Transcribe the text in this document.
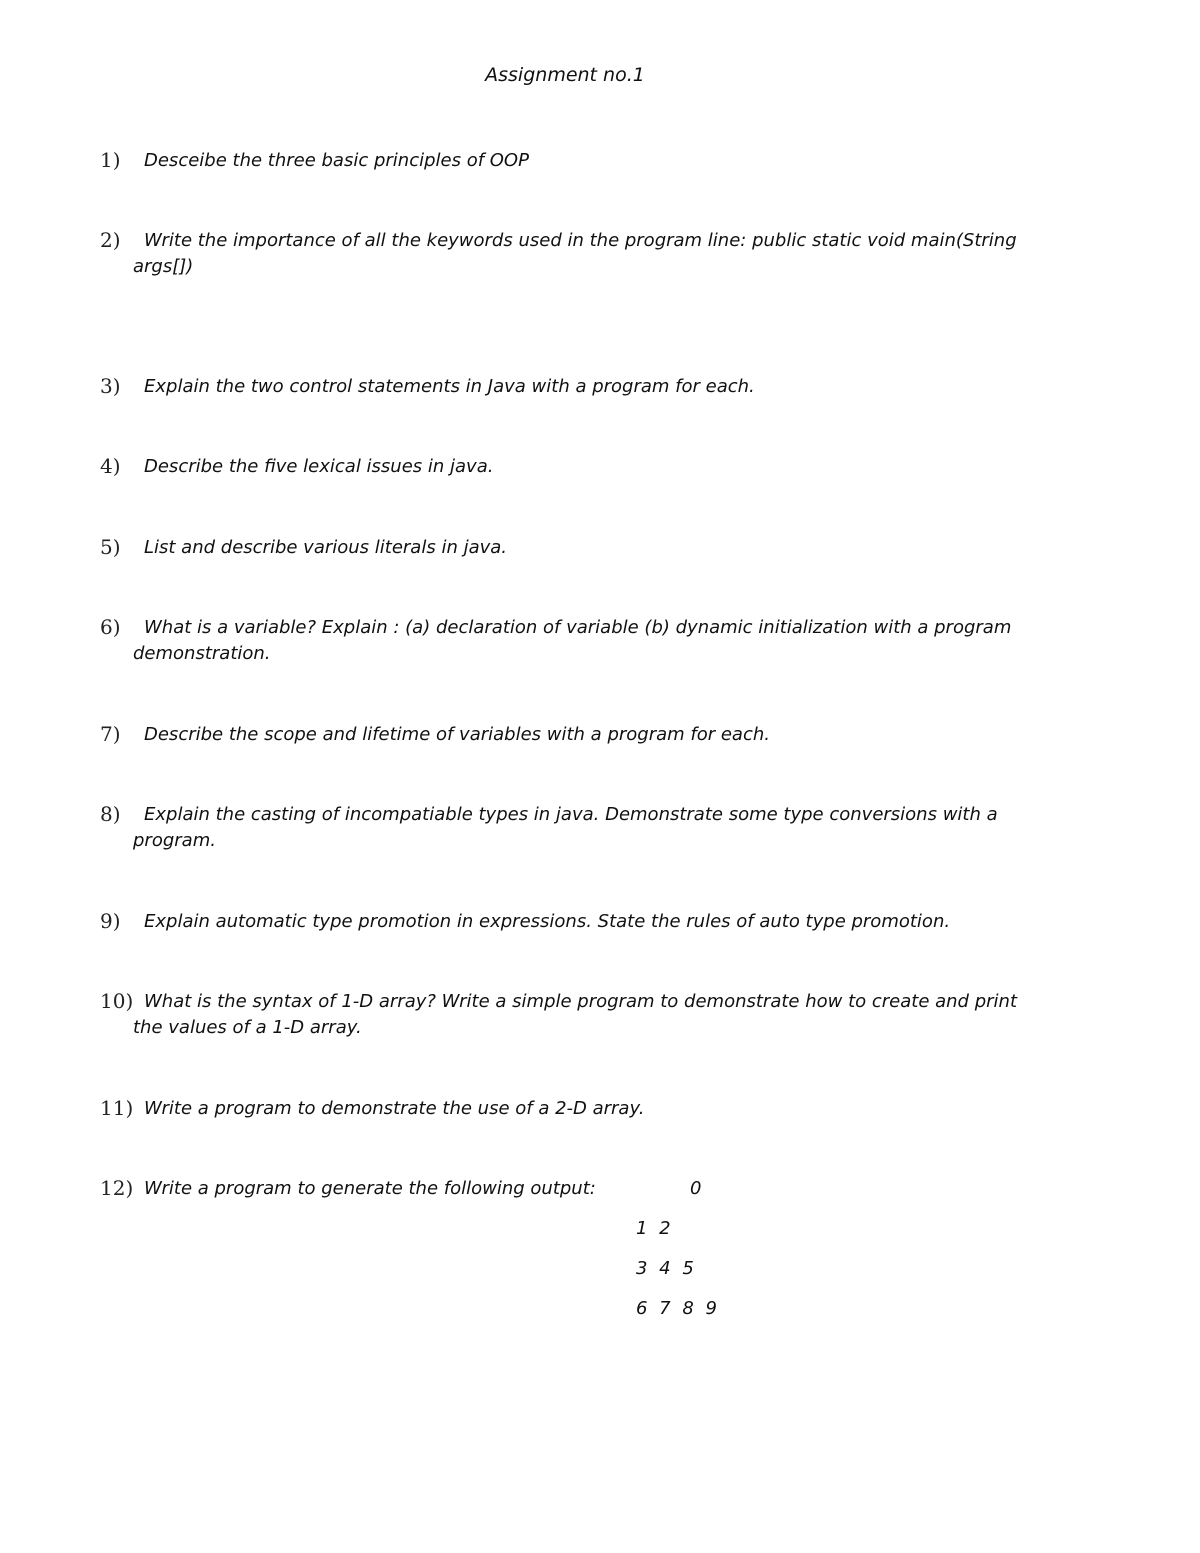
Assignment no.1
1) Desceibe the three basic principles of OOP
2) Write the importance of all the keywords used in the program line: public static void main(String
args[])
3) Explain the two control statements in Java with a program for each.
4) Describe the five lexical issues in java.
5) List and describe various literals in java.
6) What is a variable? Explain : (a) declaration of variable (b) dynamic initialization with a program
demonstration.
7) Describe the scope and lifetime of variables with a program for each.
8) Explain the casting of incompatiable types in java. Demonstrate some type conversions with a
program.
9) Explain automatic type promotion in expressions. State the rules of auto type promotion.
10) What is the syntax of 1-D array? Write a simple program to demonstrate how to create and print
the values of a 1-D array.
11) Write a program to demonstrate the use of a 2-D array.
12) Write a program to generate the following output:	0
1 2
3 4 5
6 7 8 9
